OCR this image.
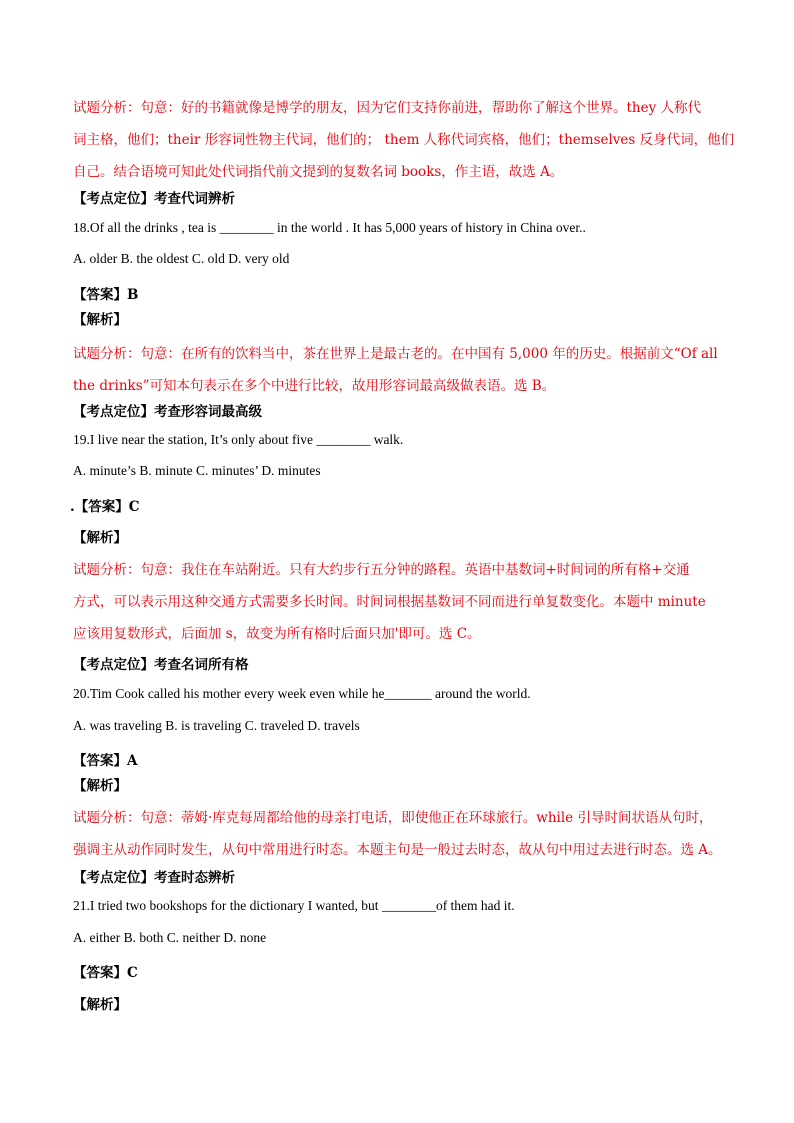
试题分析：句意：好的书籍就像是博学的朋友，因为它们支持你前进，帮助你了解这个世界。they 人称代
词主格，他们；their 形容词性物主代词，他们的； them 人称代词宾格，他们；themselves 反身代词，他们
自己。结合语境可知此处代词指代前文提到的复数名词 books，作主语，故选 A。
【考点定位】考查代词辨析
18.Of all the drinks , tea is ________ in the world . It has 5,000 years of history in China over..
A. older B. the oldest C. old D. very old
【答案】B
【解析】
试题分析：句意：在所有的饮料当中，茶在世界上是最古老的。在中国有 5,000 年的历史。根据前文“Of all
the drinks”可知本句表示在多个中进行比较，故用形容词最高级做表语。选 B。
【考点定位】考查形容词最高级
19.I live near the station, It’s only about five ________ walk.
A. minute’s B. minute C. minutes’ D. minutes
.【答案】C
【解析】
试题分析：句意：我住在车站附近。只有大约步行五分钟的路程。英语中基数词+时间词的所有格+交通
方式，可以表示用这种交通方式需要多长时间。时间词根据基数词不同而进行单复数变化。本题中 minute
应该用复数形式，后面加 s，故变为所有格时后面只加'即可。选 C。
【考点定位】考查名词所有格
20.Tim Cook called his mother every week even while he_______ around the world.
A. was traveling B. is traveling C. traveled D. travels
【答案】A
【解析】
试题分析：句意：蒂姆·库克每周都给他的母亲打电话，即使他正在环球旅行。while 引导时间状语从句时，
强调主从动作同时发生，从句中常用进行时态。本题主句是一般过去时态，故从句中用过去进行时态。选 A。
【考点定位】考查时态辨析
21.I tried two bookshops for the dictionary I wanted, but ________of them had it.
A. either B. both C. neither D. none
【答案】C
【解析】
